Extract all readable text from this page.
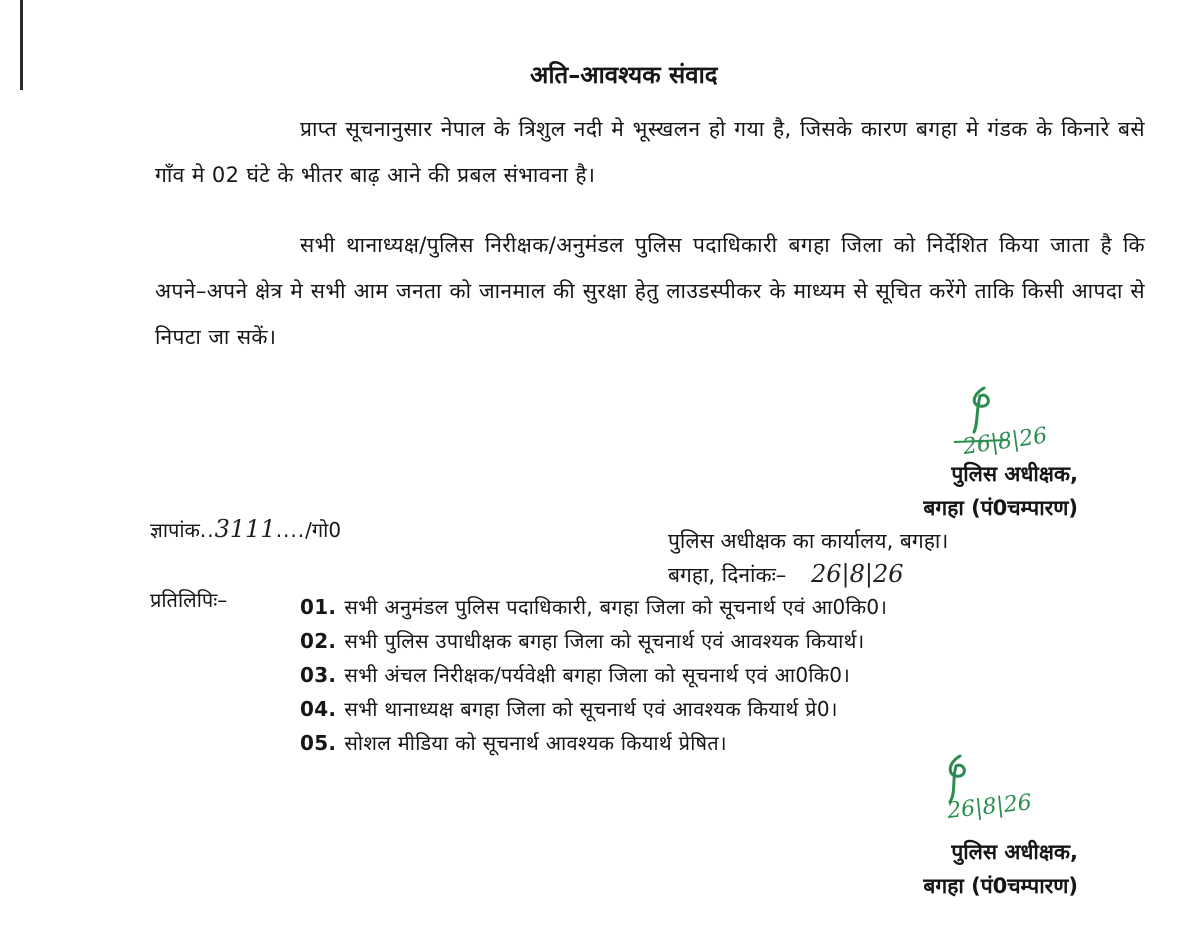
अति–आवश्यक संवाद
प्राप्त सूचनानुसार नेपाल के त्रिशुल नदी मे भूस्खलन हो गया है, जिसके कारण बगहा मे गंडक के किनारे बसे गाँव मे 02 घंटे के भीतर बाढ़ आने की प्रबल संभावना है।
सभी थानाध्यक्ष/पुलिस निरीक्षक/अनुमंडल पुलिस पदाधिकारी बगहा जिला को निर्देशित किया जाता है कि अपने–अपने क्षेत्र मे सभी आम जनता को जानमाल की सुरक्षा हेतु लाउडस्पीकर के माध्यम से सूचित करेंगे ताकि किसी आपदा से निपटा जा सकें।
26|8|26
पुलिस अधीक्षक,
बगहा (पं0चम्पारण)
ज्ञापांक..3111..../गो0	पुलिस अधीक्षक का कार्यालय, बगहा।
बगहा, दिनांकः– 26|8|26
प्रतिलिपिः–	01. सभी अनुमंडल पुलिस पदाधिकारी, बगहा जिला को सूचनार्थ एवं आ0कि0।
02. सभी पुलिस उपाधीक्षक बगहा जिला को सूचनार्थ एवं आवश्यक कियार्थ।
03. सभी अंचल निरीक्षक/पर्यवेक्षी बगहा जिला को सूचनार्थ एवं आ0कि0।
04. सभी थानाध्यक्ष बगहा जिला को सूचनार्थ एवं आवश्यक कियार्थ प्रे0।
05. सोशल मीडिया को सूचनार्थ आवश्यक कियार्थ प्रेषित।
26|8|26
पुलिस अधीक्षक,
बगहा (पं0चम्पारण)
